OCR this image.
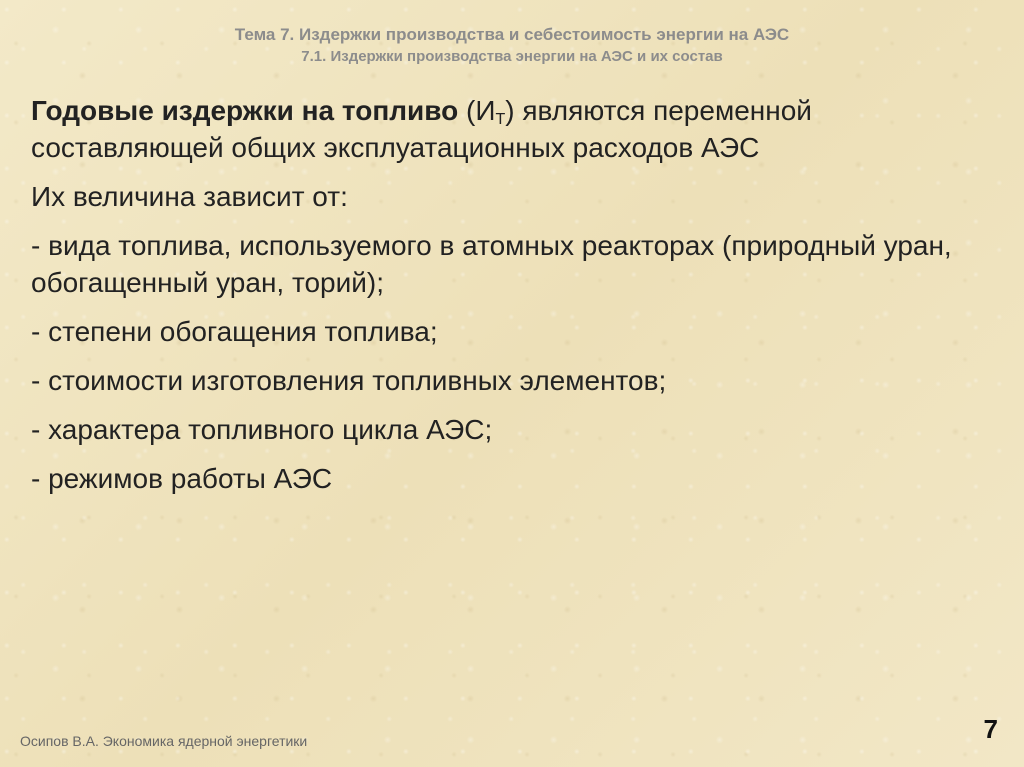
Тема 7. Издержки производства и себестоимость энергии на АЭС
7.1. Издержки производства энергии на АЭС и их состав

Годовые издержки на топливо $(И_Т)$ являются переменной составляющей общих эксплуатационных расходов АЭС

Их величина зависит от:

- вида топлива, используемого в атомных реакторах (природный уран, обогащенный уран, торий);

- степени обогащения топлива;

- стоимости изготовления топливных элементов;

- характера топливного цикла АЭС;

- режимов работы АЭС

Осипов В.А. Экономика ядерной энергетики	7
